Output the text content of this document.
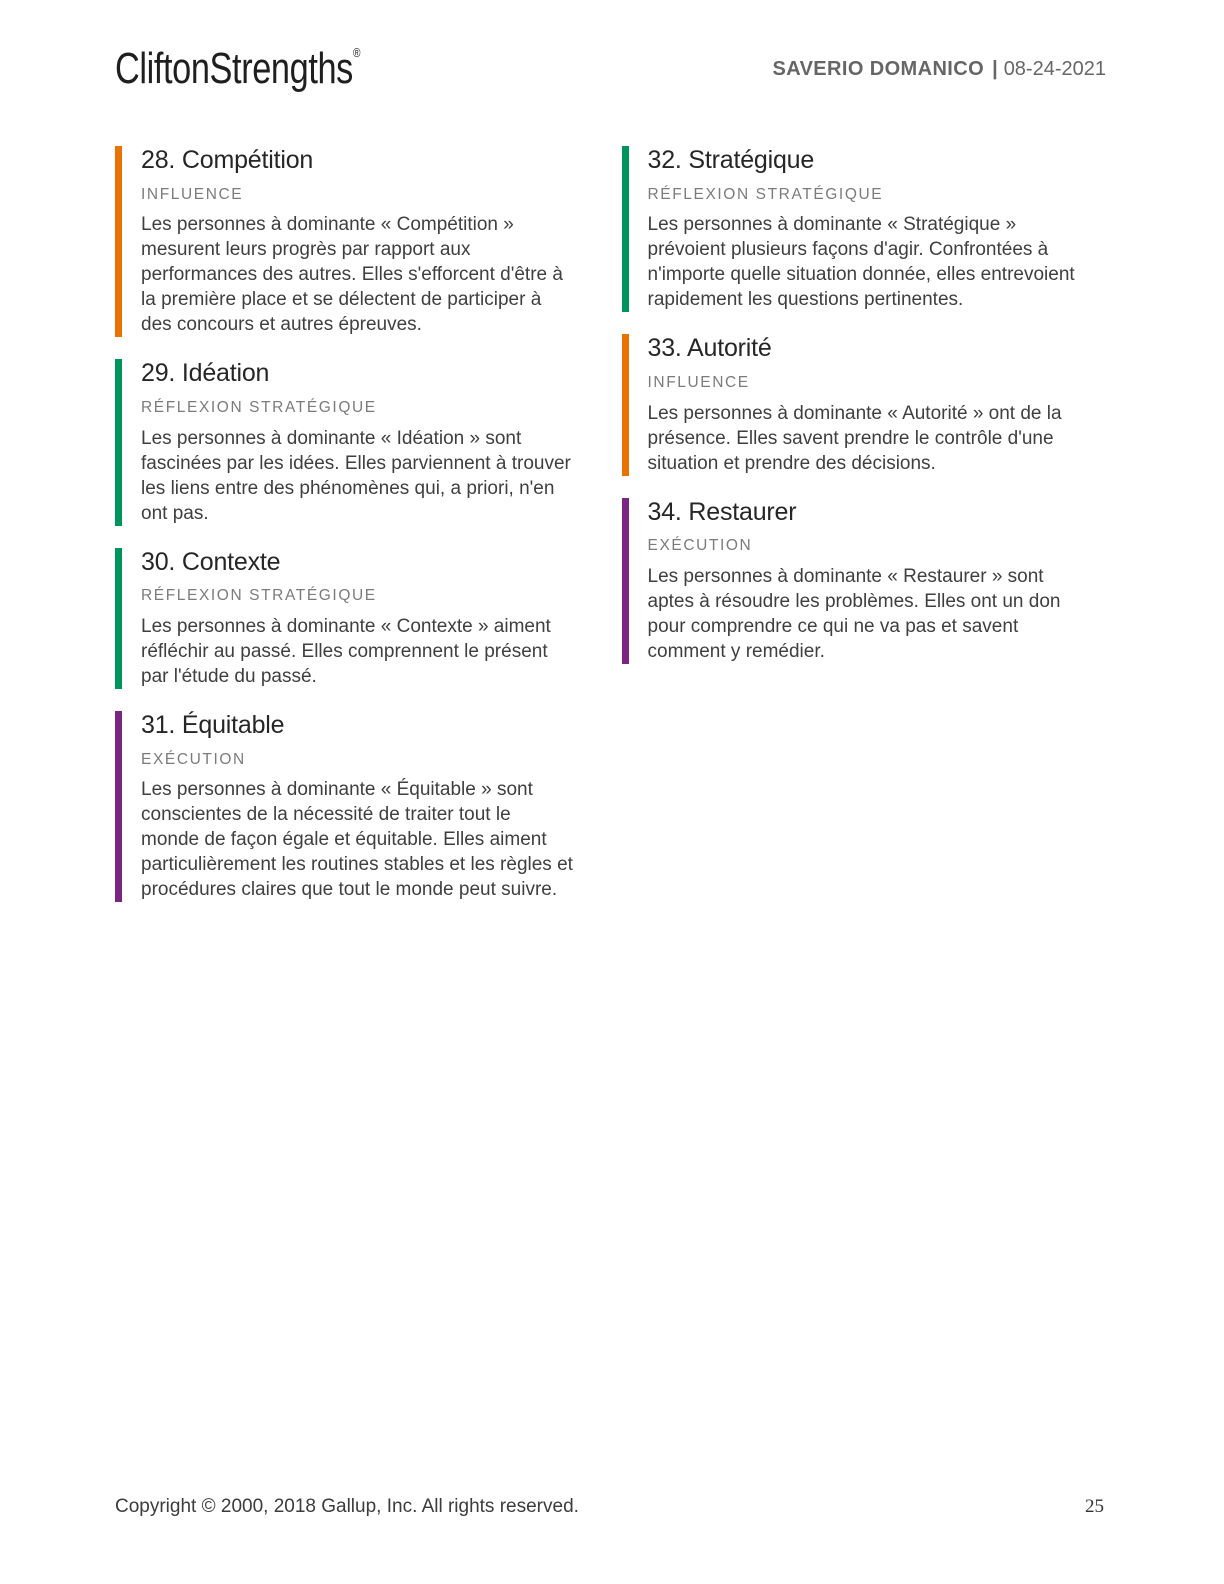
CliftonStrengths®
SAVERIO DOMANICO | 08-24-2021
28. Compétition
INFLUENCE

Les personnes à dominante « Compétition » mesurent leurs progrès par rapport aux performances des autres. Elles s'efforcent d'être à la première place et se délectent de participer à des concours et autres épreuves.

29. Idéation
RÉFLEXION STRATÉGIQUE

Les personnes à dominante « Idéation » sont fascinées par les idées. Elles parviennent à trouver les liens entre des phénomènes qui, a priori, n'en ont pas.

30. Contexte
RÉFLEXION STRATÉGIQUE

Les personnes à dominante « Contexte » aiment réfléchir au passé. Elles comprennent le présent par l'étude du passé.

31. Équitable
EXÉCUTION

Les personnes à dominante « Équitable » sont conscientes de la nécessité de traiter tout le monde de façon égale et équitable. Elles aiment particulièrement les routines stables et les règles et procédures claires que tout le monde peut suivre.

32. Stratégique
RÉFLEXION STRATÉGIQUE

Les personnes à dominante « Stratégique » prévoient plusieurs façons d'agir. Confrontées à n'importe quelle situation donnée, elles entrevoient rapidement les questions pertinentes.

33. Autorité
INFLUENCE

Les personnes à dominante « Autorité » ont de la présence. Elles savent prendre le contrôle d'une situation et prendre des décisions.

34. Restaurer
EXÉCUTION

Les personnes à dominante « Restaurer » sont aptes à résoudre les problèmes. Elles ont un don pour comprendre ce qui ne va pas et savent comment y remédier.

Copyright © 2000, 2018 Gallup, Inc. All rights reserved.	25
